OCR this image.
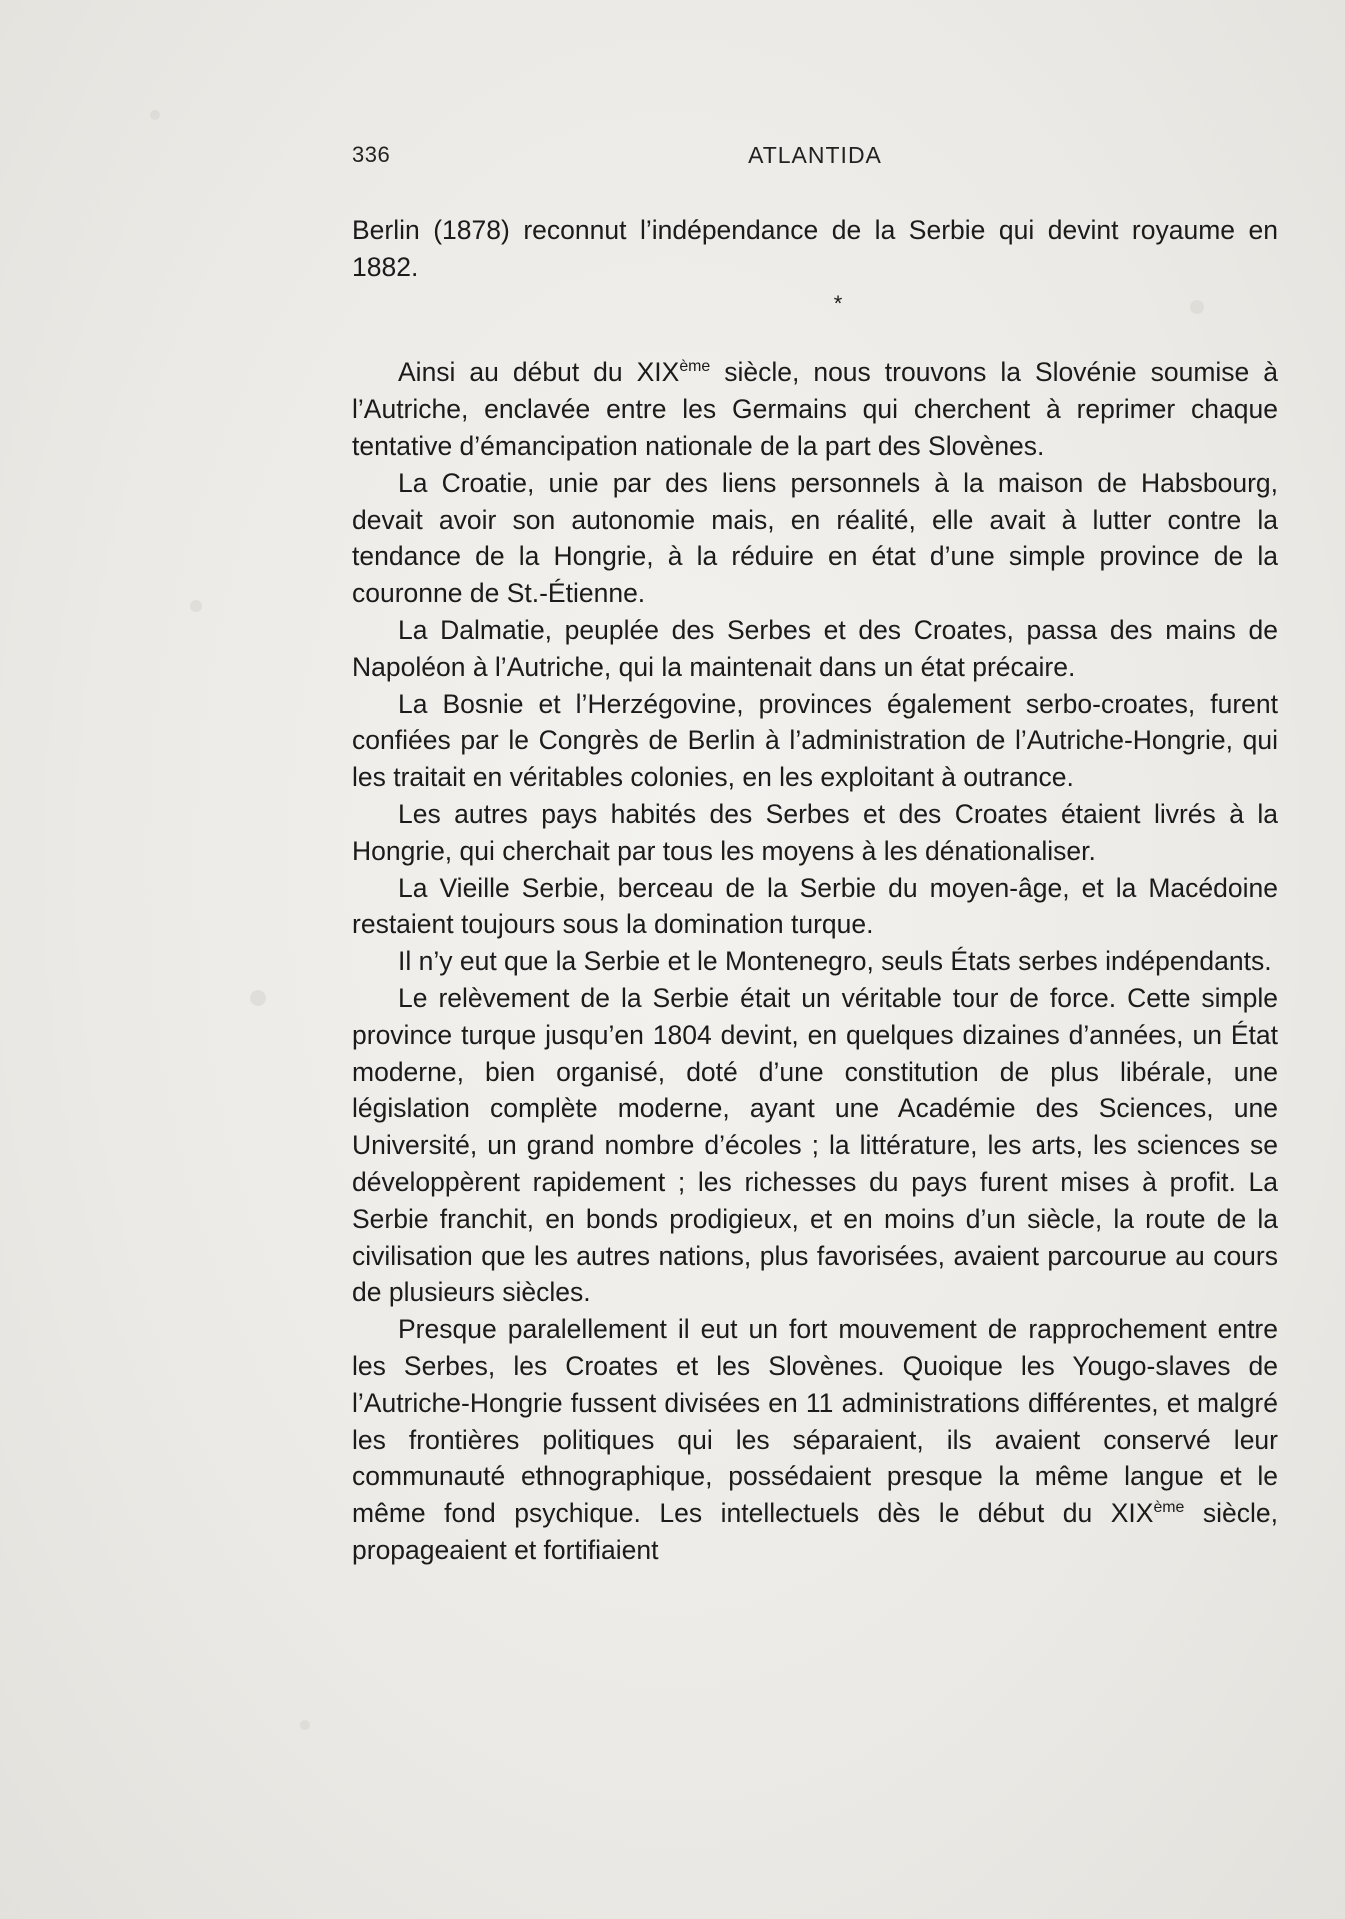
336	ATLANTIDA

Berlin (1878) reconnut l’indépendance de la Serbie qui devint royaume en 1882.

*

Ainsi au début du XIXème siècle, nous trouvons la Slovénie soumise à l’Autriche, enclavée entre les Germains qui cherchent à reprimer chaque tentative d’émancipation nationale de la part des Slovènes.

La Croatie, unie par des liens personnels à la maison de Habsbourg, devait avoir son autonomie mais, en réalité, elle avait à lutter contre la tendance de la Hongrie, à la réduire en état d’une simple province de la couronne de St.-Étienne.

La Dalmatie, peuplée des Serbes et des Croates, passa des mains de Napoléon à l’Autriche, qui la maintenait dans un état précaire.

La Bosnie et l’Herzégovine, provinces également serbo-croates, furent confiées par le Congrès de Berlin à l’administration de l’Autriche-Hongrie, qui les traitait en véritables colonies, en les exploitant à outrance.

Les autres pays habités des Serbes et des Croates étaient livrés à la Hongrie, qui cherchait par tous les moyens à les dénationaliser.

La Vieille Serbie, berceau de la Serbie du moyen-âge, et la Macédoine restaient toujours sous la domination turque.

Il n’y eut que la Serbie et le Montenegro, seuls États serbes indépendants.

Le relèvement de la Serbie était un véritable tour de force. Cette simple province turque jusqu’en 1804 devint, en quelques dizaines d’années, un État moderne, bien organisé, doté d’une constitution de plus libérale, une législation complète moderne, ayant une Académie des Sciences, une Université, un grand nombre d’écoles ; la littérature, les arts, les sciences se développèrent rapidement ; les richesses du pays furent mises à profit. La Serbie franchit, en bonds prodigieux, et en moins d’un siècle, la route de la civilisation que les autres nations, plus favorisées, avaient parcourue au cours de plusieurs siècles.

Presque paralellement il eut un fort mouvement de rapprochement entre les Serbes, les Croates et les Slovènes. Quoique les Yougo-slaves de l’Autriche-Hongrie fussent divisées en 11 administrations différentes, et malgré les frontières politiques qui les séparaient, ils avaient conservé leur communauté ethnographique, possédaient presque la même langue et le même fond psychique. Les intellectuels dès le début du XIXème siècle, propageaient et fortifiaient
